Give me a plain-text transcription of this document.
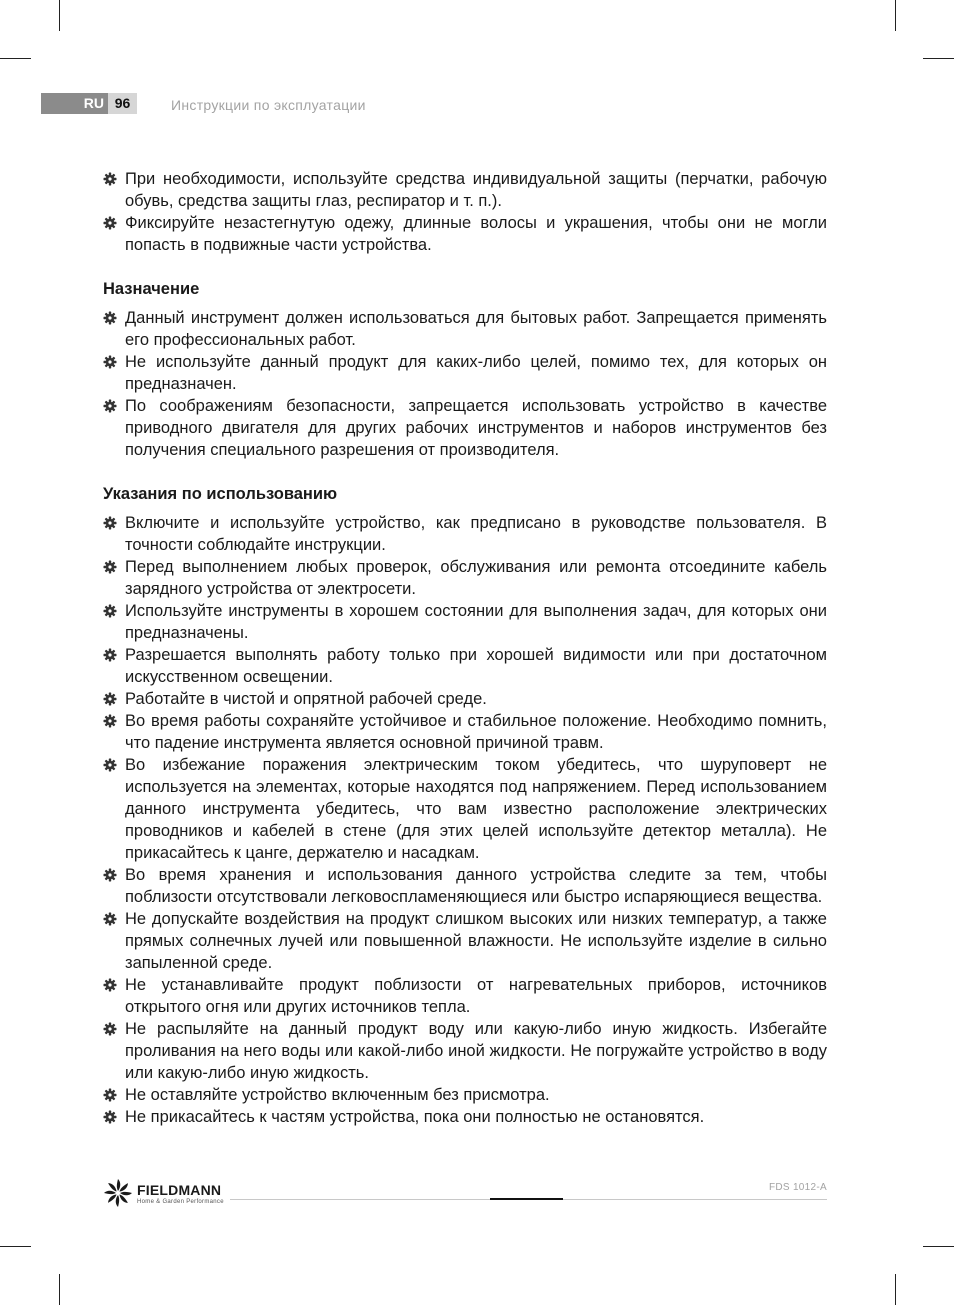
RU 96	Инструкции по эксплуатации
При необходимости, используйте средства индивидуальной защиты (перчатки, рабочую обувь, средства защиты глаз, респиратор и т. п.).
Фиксируйте незастегнутую одежу, длинные волосы и украшения, чтобы они не могли попасть в подвижные части устройства.
Назначение
Данный инструмент должен использоваться для бытовых работ. Запрещается применять его профессиональных работ.
Не используйте данный продукт для каких-либо целей, помимо тех, для которых он предназначен.
По соображениям безопасности, запрещается использовать устройство в качестве приводного двигателя для других рабочих инструментов и наборов инструментов без получения специального разрешения от производителя.
Указания по использованию
Включите и используйте устройство, как предписано в руководстве пользователя. В точности соблюдайте инструкции.
Перед выполнением любых проверок, обслуживания или ремонта отсоедините кабель зарядного устройства от электросети.
Используйте инструменты в хорошем состоянии для выполнения задач, для которых они предназначены.
Разрешается выполнять работу только при хорошей видимости или при достаточном искусственном освещении.
Работайте в чистой и опрятной рабочей среде.
Во время работы сохраняйте устойчивое и стабильное положение. Необходимо помнить, что падение инструмента является основной причиной травм.
Во избежание поражения электрическим током убедитесь, что шуруповерт не используется на элементах, которые находятся под напряжением. Перед использованием данного инструмента убедитесь, что вам известно расположение электрических проводников и кабелей в стене (для этих целей используйте детектор металла). Не прикасайтесь к цанге, держателю и насадкам.
Во время хранения и использования данного устройства следите за тем, чтобы поблизости отсутствовали легковоспламеняющиеся или быстро испаряющиеся вещества.
Не допускайте воздействия на продукт слишком высоких или низких температур, а также прямых солнечных лучей или повышенной влажности. Не используйте изделие в сильно запыленной среде.
Не устанавливайте продукт поблизости от нагревательных приборов, источников открытого огня или других источников тепла.
Не распыляйте на данный продукт воду или какую-либо иную жидкость. Избегайте проливания на него воды или какой-либо иной жидкости. Не погружайте устройство в воду или какую-либо иную жидкость.
Не оставляйте устройство включенным без присмотра.
Не прикасайтесь к частям устройства, пока они полностью не остановятся.
FIELDMANN
Home & Garden Performance
FDS 1012-A
